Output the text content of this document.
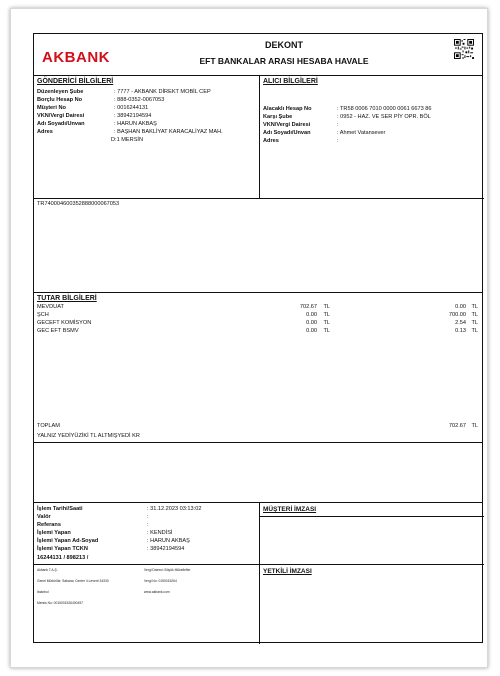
AKBANK
DEKONT
EFT BANKALAR ARASI HESABA HAVALE
GÖNDERİCİ BİLGİLERİ
Düzenleyen Şube	: 7777 - AKBANK DİREKT MOBİL CEP
Borçlu Hesap No	: 888-0352-0067053
Müşteri No	: 0016244131
VKN/Vergi Dairesi	: 38942194594
Adı Soyadı/Unvan	: HARUN AKBAŞ
Adres	: BAŞHAN BAKLİYAT KARACALİYAZ MAH.
D:1 MERSİN
ALICI BİLGİLERİ
Alacaklı Hesap No	: TR58 0006 7010 0000 0061 6673 86
Karşı Şube	: 0952 - HAZ. VE SER PİY OPR. BÖL
VKN/Vergi Dairesi	:
Adı Soyadı/Unvan	: Ahmet Vatansever
Adres	:
TR740004600352888000067053
TUTAR BİLGİLERİ
MEVDUAT	702.67 TL	0.00 TL
ŞCH	0.00 TL	700.00 TL
GECEFT KOMİSYON	0.00 TL	2.54 TL
GEC EFT BSMV	0.00 TL	0.13 TL
TOPLAM	702.67 TL
YALNIZ YEDİYÜZİKİ TL ALTMIŞYEDİ KR
İşlem Tarihi/Saati	: 31.12.2023 03:13:02
Valör	:
Referans	:
İşlemi Yapan	: KENDİSİ
İşlemi Yapan Ad-Soyad	: HARUN AKBAŞ
İşlemi Yapan TCKN	: 38942194594
16244131 / 898213 /
Akbank T.A.Ş.
Genel Müdürlük: Sabancı Center 4.Levent 34330
İstanbul
Mersis No: 0015001526400497
Vergi Dairesi: Büyük Mükellefler
Vergi No: 0150015264
www.akbank.com
MÜŞTERİ İMZASI
YETKİLİ İMZASI
